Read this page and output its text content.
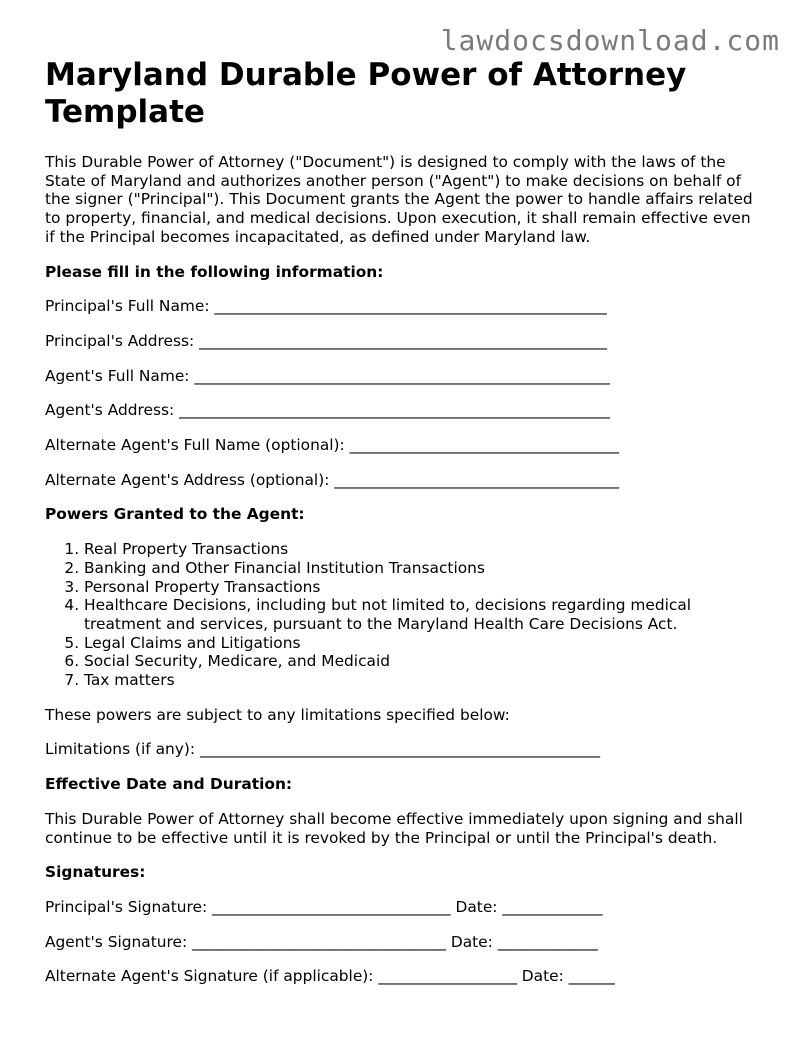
lawdocsdownload.com
Maryland Durable Power of Attorney Template

This Durable Power of Attorney ("Document") is designed to comply with the laws of the State of Maryland and authorizes another person ("Agent") to make decisions on behalf of the signer ("Principal"). This Document grants the Agent the power to handle affairs related to property, financial, and medical decisions. Upon execution, it shall remain effective even if the Principal becomes incapacitated, as defined under Maryland law.

Please fill in the following information:
Principal's Full Name: ___________________________________________________
Principal's Address: _____________________________________________________
Agent's Full Name: ______________________________________________________
Agent's Address: ________________________________________________________
Alternate Agent's Full Name (optional): ___________________________________
Alternate Agent's Address (optional): _____________________________________
Powers Granted to the Agent:
1. Real Property Transactions
2. Banking and Other Financial Institution Transactions
3. Personal Property Transactions
4. Healthcare Decisions, including but not limited to, decisions regarding medical treatment and services, pursuant to the Maryland Health Care Decisions Act.
5. Legal Claims and Litigations
6. Social Security, Medicare, and Medicaid
7. Tax matters

These powers are subject to any limitations specified below:

Limitations (if any): ____________________________________________________
Effective Date and Duration:

This Durable Power of Attorney shall become effective immediately upon signing and shall continue to be effective until it is revoked by the Principal or until the Principal's death.

Signatures:
Principal's Signature: _______________________________ Date: _____________
Agent's Signature: _________________________________ Date: _____________
Alternate Agent's Signature (if applicable): __________________ Date: ______
